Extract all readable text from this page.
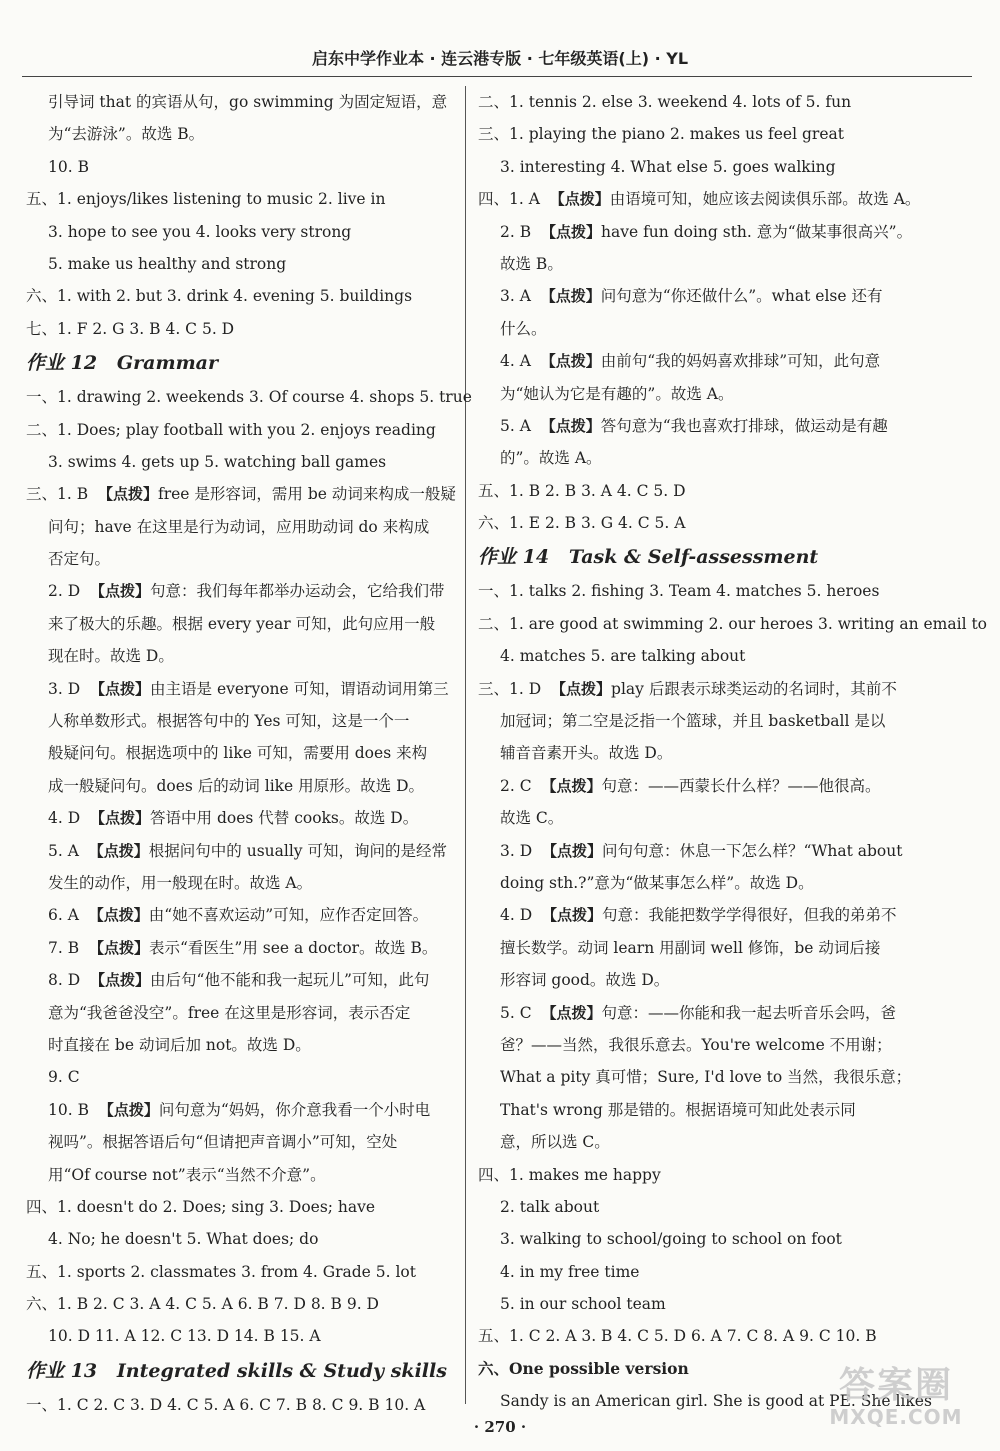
启东中学作业本 · 连云港专版 · 七年级英语(上) · YL
引导词 that 的宾语从句，go swimming 为固定短语，意
为“去游泳”。故选 B。
10. B
五、1. enjoys/likes listening to music 2. live in
3. hope to see you 4. looks very strong
5. make us healthy and strong
六、1. with 2. but 3. drink 4. evening 5. buildings
七、1. F 2. G 3. B 4. C 5. D
作业 12 Grammar
一、1. drawing 2. weekends 3. Of course 4. shops 5. true
二、1. Does; play football with you 2. enjoys reading
3. swims 4. gets up 5. watching ball games
三、1. B 【点拨】free 是形容词，需用 be 动词来构成一般疑
问句；have 在这里是行为动词，应用助动词 do 来构成
否定句。
2. D 【点拨】句意：我们每年都举办运动会，它给我们带
来了极大的乐趣。根据 every year 可知，此句应用一般
现在时。故选 D。
3. D 【点拨】由主语是 everyone 可知，谓语动词用第三
人称单数形式。根据答句中的 Yes 可知，这是一个一
般疑问句。根据选项中的 like 可知，需要用 does 来构
成一般疑问句。does 后的动词 like 用原形。故选 D。
4. D 【点拨】答语中用 does 代替 cooks。故选 D。
5. A 【点拨】根据问句中的 usually 可知，询问的是经常
发生的动作，用一般现在时。故选 A。
6. A 【点拨】由“她不喜欢运动”可知，应作否定回答。
7. B 【点拨】表示“看医生”用 see a doctor。故选 B。
8. D 【点拨】由后句“他不能和我一起玩儿”可知，此句
意为“我爸爸没空”。free 在这里是形容词，表示否定
时直接在 be 动词后加 not。故选 D。
9. C
10. B 【点拨】问句意为“妈妈，你介意我看一个小时电
视吗”。根据答语后句“但请把声音调小”可知，空处
用“Of course not”表示“当然不介意”。
四、1. doesn't do 2. Does; sing 3. Does; have
4. No; he doesn't 5. What does; do
五、1. sports 2. classmates 3. from 4. Grade 5. lot
六、1. B 2. C 3. A 4. C 5. A 6. B 7. D 8. B 9. D
10. D 11. A 12. C 13. D 14. B 15. A
作业 13 Integrated skills & Study skills
一、1. C 2. C 3. D 4. C 5. A 6. C 7. B 8. C 9. B 10. A
二、1. tennis 2. else 3. weekend 4. lots of 5. fun
三、1. playing the piano 2. makes us feel great
3. interesting 4. What else 5. goes walking
四、1. A 【点拨】由语境可知，她应该去阅读俱乐部。故选 A。
2. B 【点拨】have fun doing sth. 意为“做某事很高兴”。
故选 B。
3. A 【点拨】问句意为“你还做什么”。what else 还有
什么。
4. A 【点拨】由前句“我的妈妈喜欢排球”可知，此句意
为“她认为它是有趣的”。故选 A。
5. A 【点拨】答句意为“我也喜欢打排球，做运动是有趣
的”。故选 A。
五、1. B 2. B 3. A 4. C 5. D
六、1. E 2. B 3. G 4. C 5. A
作业 14 Task & Self-assessment
一、1. talks 2. fishing 3. Team 4. matches 5. heroes
二、1. are good at swimming 2. our heroes 3. writing an email to
4. matches 5. are talking about
三、1. D 【点拨】play 后跟表示球类运动的名词时，其前不
加冠词；第二空是泛指一个篮球，并且 basketball 是以
辅音音素开头。故选 D。
2. C 【点拨】句意：——西蒙长什么样？——他很高。
故选 C。
3. D 【点拨】问句句意：休息一下怎么样？“What about
doing sth.?”意为“做某事怎么样”。故选 D。
4. D 【点拨】句意：我能把数学学得很好，但我的弟弟不
擅长数学。动词 learn 用副词 well 修饰，be 动词后接
形容词 good。故选 D。
5. C 【点拨】句意：——你能和我一起去听音乐会吗，爸
爸？——当然，我很乐意去。You're welcome 不用谢；
What a pity 真可惜；Sure, I'd love to 当然，我很乐意；
That's wrong 那是错的。根据语境可知此处表示同
意，所以选 C。
四、1. makes me happy
2. talk about
3. walking to school/going to school on foot
4. in my free time
5. in our school team
五、1. C 2. A 3. B 4. C 5. D 6. A 7. C 8. A 9. C 10. B
六、One possible version
Sandy is an American girl. She is good at PE. She likes
· 270 ·
答案圈
MXQE.COM
